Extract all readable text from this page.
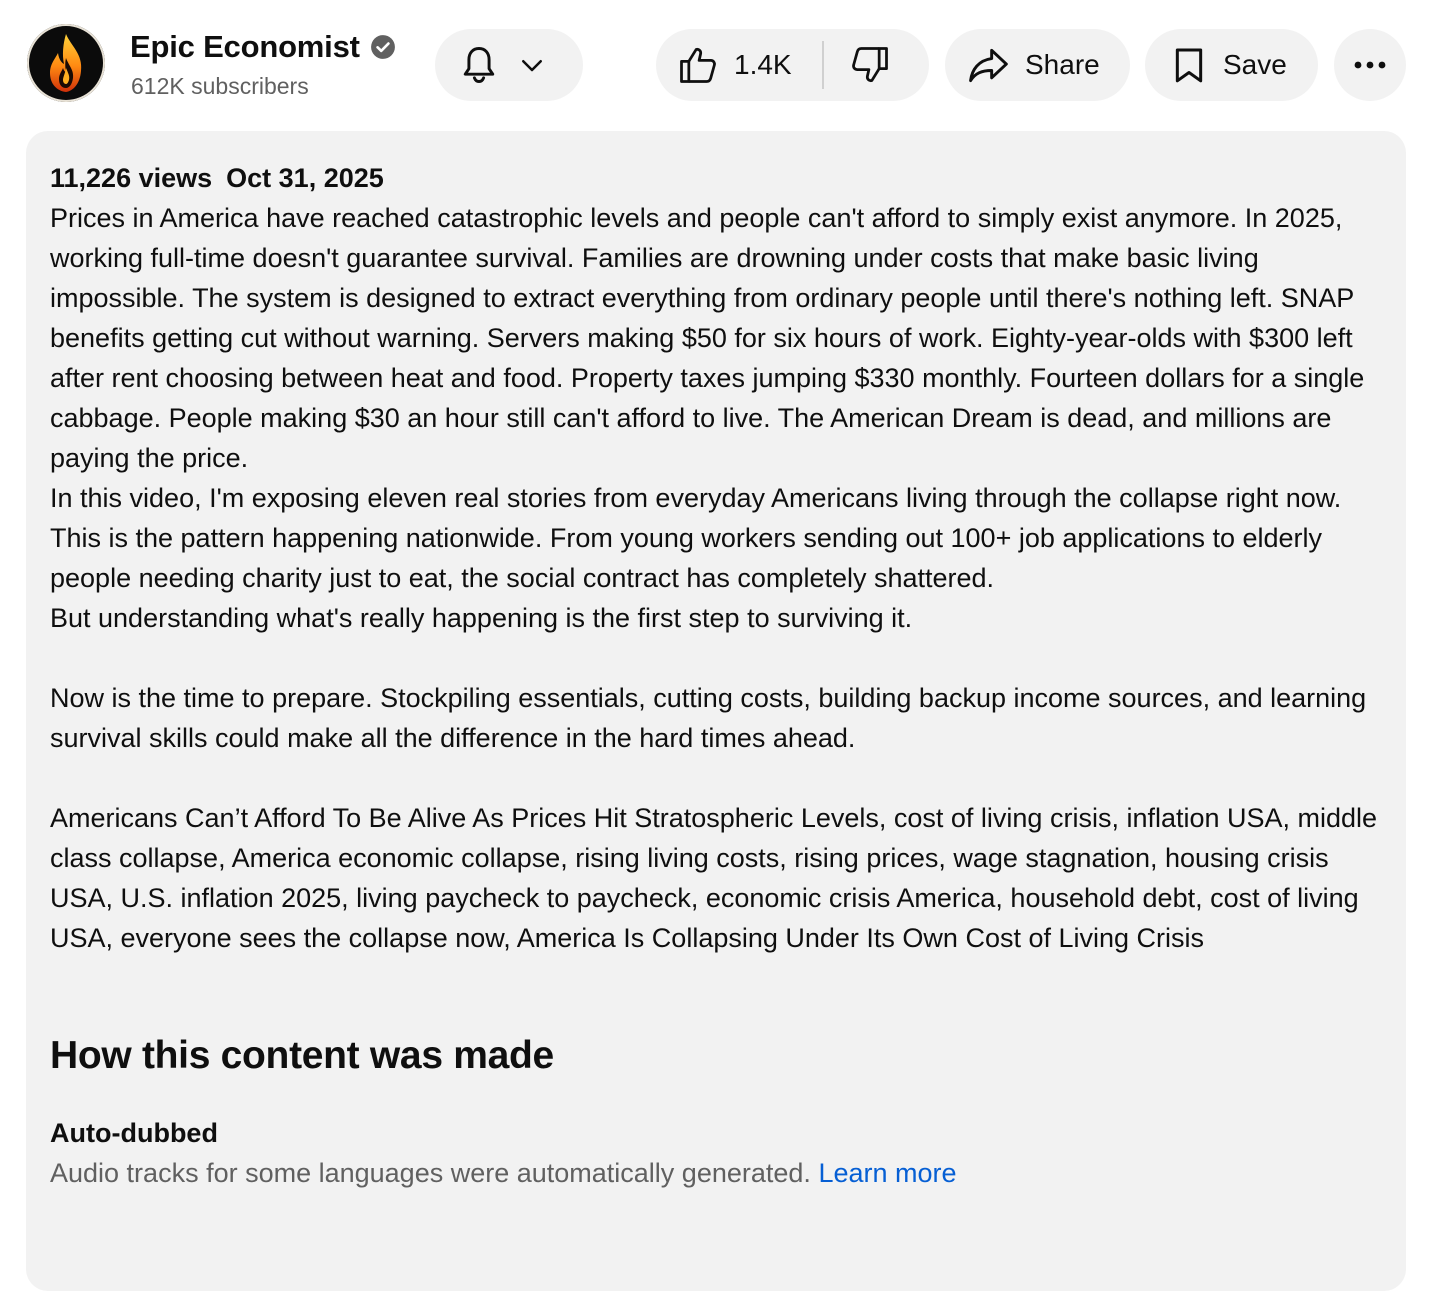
Epic Economist
612K subscribers
1.4K	Share	Save
11,226 views Oct 31, 2025

Prices in America have reached catastrophic levels and people can't afford to simply exist anymore. In 2025, working full-time doesn't guarantee survival. Families are drowning under costs that make basic living impossible. The system is designed to extract everything from ordinary people until there's nothing left. SNAP benefits getting cut without warning. Servers making $50 for six hours of work. Eighty-year-olds with $300 left after rent choosing between heat and food. Property taxes jumping $330 monthly. Fourteen dollars for a single cabbage. People making $30 an hour still can't afford to live. The American Dream is dead, and millions are paying the price.

In this video, I'm exposing eleven real stories from everyday Americans living through the collapse right now. This is the pattern happening nationwide. From young workers sending out 100+ job applications to elderly people needing charity just to eat, the social contract has completely shattered.

But understanding what's really happening is the first step to surviving it.

Now is the time to prepare. Stockpiling essentials, cutting costs, building backup income sources, and learning survival skills could make all the difference in the hard times ahead.

Americans Can’t Afford To Be Alive As Prices Hit Stratospheric Levels, cost of living crisis, inflation USA, middle class collapse, America economic collapse, rising living costs, rising prices, wage stagnation, housing crisis USA, U.S. inflation 2025, living paycheck to paycheck, economic crisis America, household debt, cost of living USA, everyone sees the collapse now, America Is Collapsing Under Its Own Cost of Living Crisis

How this content was made
Auto-dubbed
Audio tracks for some languages were automatically generated. Learn more
